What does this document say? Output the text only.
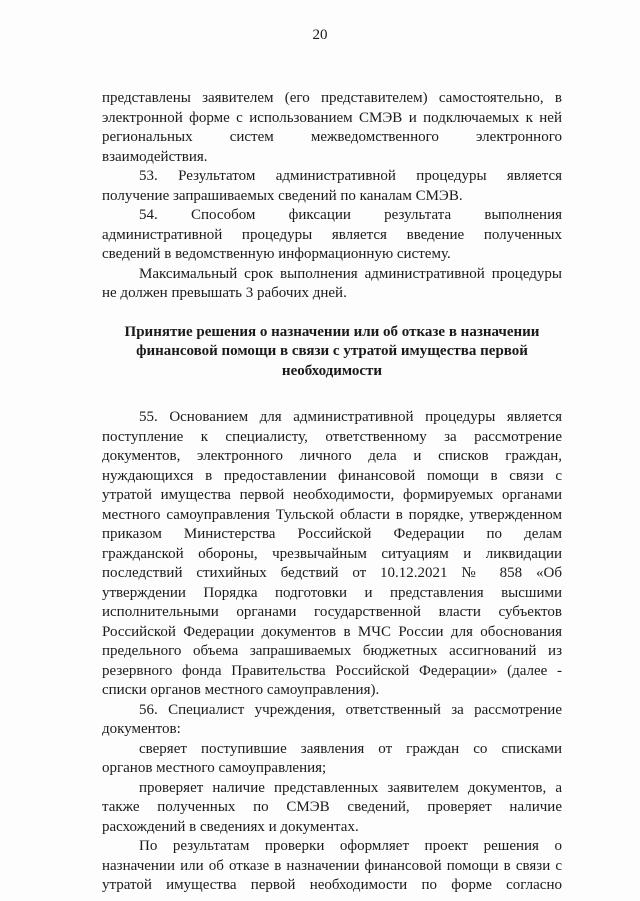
20
представлены заявителем (его представителем) самостоятельно, в
электронной форме с использованием СМЭВ и подключаемых к ней
региональных систем межведомственного электронного
взаимодействия.
53. Результатом административной процедуры является
получение запрашиваемых сведений по каналам СМЭВ.
54. Способом фиксации результата выполнения
административной процедуры является введение полученных
сведений в ведомственную информационную систему.
Максимальный срок выполнения административной процедуры
не должен превышать 3 рабочих дней.
Принятие решения о назначении или об отказе в назначении
финансовой помощи в связи с утратой имущества первой
необходимости
55. Основанием для административной процедуры является
поступление к специалисту, ответственному за рассмотрение
документов, электронного личного дела и списков граждан,
нуждающихся в предоставлении финансовой помощи в связи с
утратой имущества первой необходимости, формируемых органами
местного самоуправления Тульской области в порядке, утвержденном
приказом Министерства Российской Федерации по делам
гражданской обороны, чрезвычайным ситуациям и ликвидации
последствий стихийных бедствий от 10.12.2021 № 858 «Об
утверждении Порядка подготовки и представления высшими
исполнительными органами государственной власти субъектов
Российской Федерации документов в МЧС России для обоснования
предельного объема запрашиваемых бюджетных ассигнований из
резервного фонда Правительства Российской Федерации» (далее -
списки органов местного самоуправления).
56. Специалист учреждения, ответственный за рассмотрение
документов:
сверяет поступившие заявления от граждан со списками
органов местного самоуправления;
проверяет наличие представленных заявителем документов, а
также полученных по СМЭВ сведений, проверяет наличие
расхождений в сведениях и документах.
По результатам проверки оформляет проект решения о
назначении или об отказе в назначении финансовой помощи в связи с
утратой имущества первой необходимости по форме согласно
